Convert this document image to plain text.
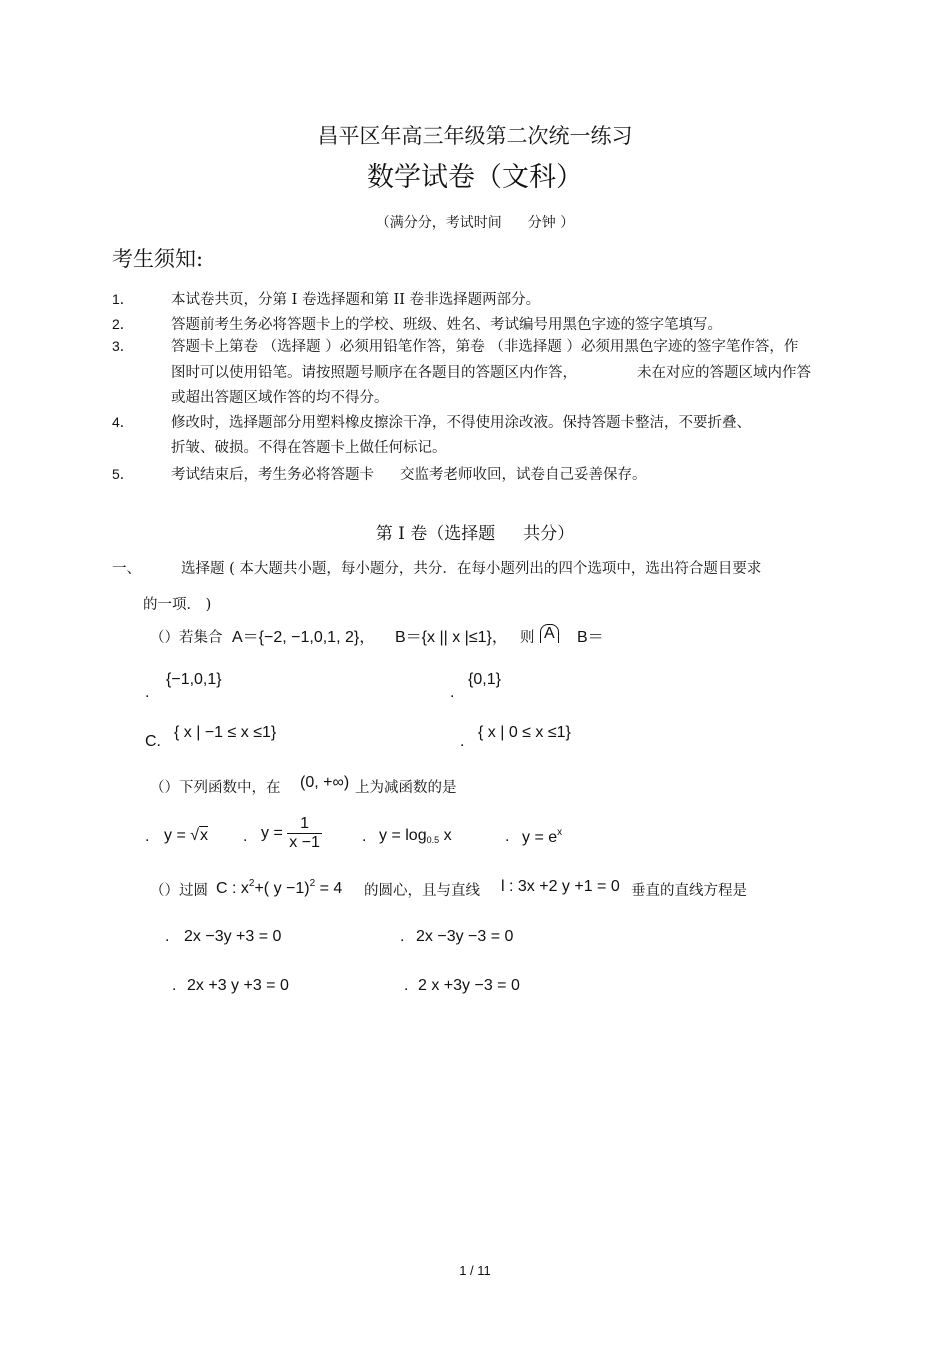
昌平区年高三年级第二次统一练习
数学试卷（文科）
（满分分，考试时间 分钟 ）
考生须知:
1．	本试卷共页，分第 I 卷选择题和第 II 卷非选择题两部分。
2．	答题前考生务必将答题卡上的学校、班级、姓名、考试编号用黑色字迹的签字笔填写。
3．	答题卡上第卷 （选择题 ）必须用铅笔作答，第卷 （非选择题 ）必须用黑色字迹的签字笔作答，作
图时可以使用铅笔。请按照题号顺序在各题目的答题区内作答，	未在对应的答题区域内作答
或超出答题区域作答的均不得分。
4．	修改时，选择题部分用塑料橡皮擦涂干净，不得使用涂改液。保持答题卡整洁，不要折叠、
折皱、破损。不得在答题卡上做任何标记。
5．	考试结束后，考生务必将答题卡 交监考老师收回，试卷自己妥善保存。
第 I 卷（选择题 共分）
一、	选择题 ( 本大题共小题，每小题分，共分．在每小题列出的四个选项中，选出符合题目要求
的一项． )
（）若集合 A＝{−2, −1,0,1, 2}， B＝{x || x |≤1}， 则 A B＝
.
{−1,0,1}
.
{0,1}
C.
{ x | −1 ≤ x ≤1}
.
{ x | 0 ≤ x ≤1}
（）下列函数中，在 (0, +∞) 上为减函数的是
. y = √x . $y = \frac{1}{x -1}$	. $y = \log_{0.5} x$	. $y = e^x$
（）过圆 C : $x^2+$( y −1)$^2$ = 4 的圆心，且与直线 l : 3x +2 y +1 = 0 垂直的直线方程是
. 2x −3y +3 = 0	. 2x −3y −3 = 0
. 2x +3 y +3 = 0	. 2 x +3y −3 = 0
1 / 11
